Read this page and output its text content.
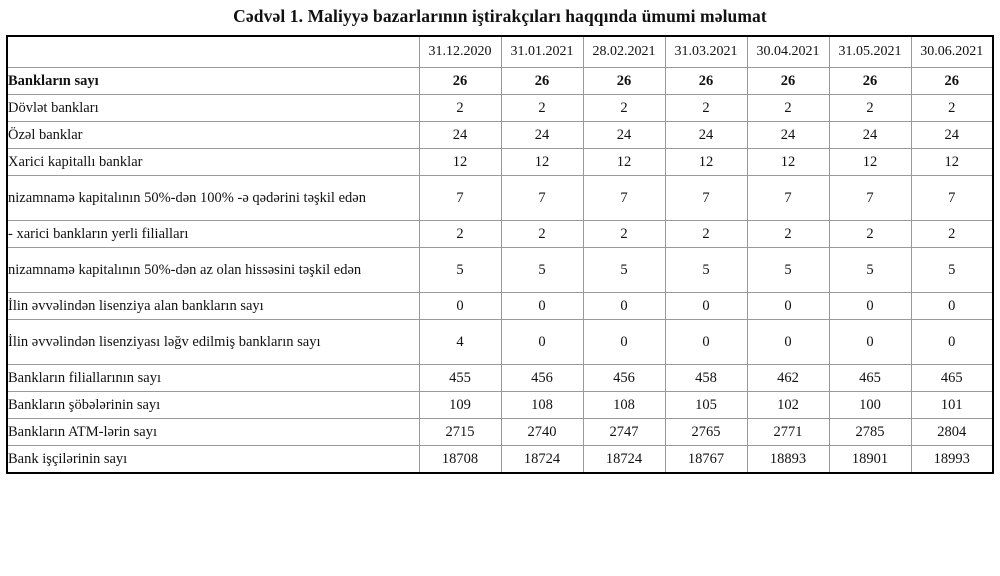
Cədvəl 1. Maliyyə bazarlarının iştirakçıları haqqında ümumi məlumat
	31.12.2020	31.01.2021	28.02.2021	31.03.2021	30.04.2021	31.05.2021	30.06.2021
Bankların sayı	26	26	26	26	26	26	26
Dövlət bankları	2	2	2	2	2	2	2
Özəl banklar	24	24	24	24	24	24	24
Xarici kapitallı banklar	12	12	12	12	12	12	12
nizamnamə kapitalının 50%-dən 100% -ə qədərini təşkil edən	7	7	7	7	7	7	7
- xarici bankların yerli filialları	2	2	2	2	2	2	2
nizamnamə kapitalının 50%-dən az olan hissəsini təşkil edən	5	5	5	5	5	5	5
İlin əvvəlindən lisenziya alan bankların sayı	0	0	0	0	0	0	0
İlin əvvəlindən lisenziyası ləğv edilmiş bankların sayı	4	0	0	0	0	0	0
Bankların filiallarının sayı	455	456	456	458	462	465	465
Bankların şöbələrinin sayı	109	108	108	105	102	100	101
Bankların ATM-lərin sayı	2715	2740	2747	2765	2771	2785	2804
Bank işçilərinin sayı	18708	18724	18724	18767	18893	18901	18993
